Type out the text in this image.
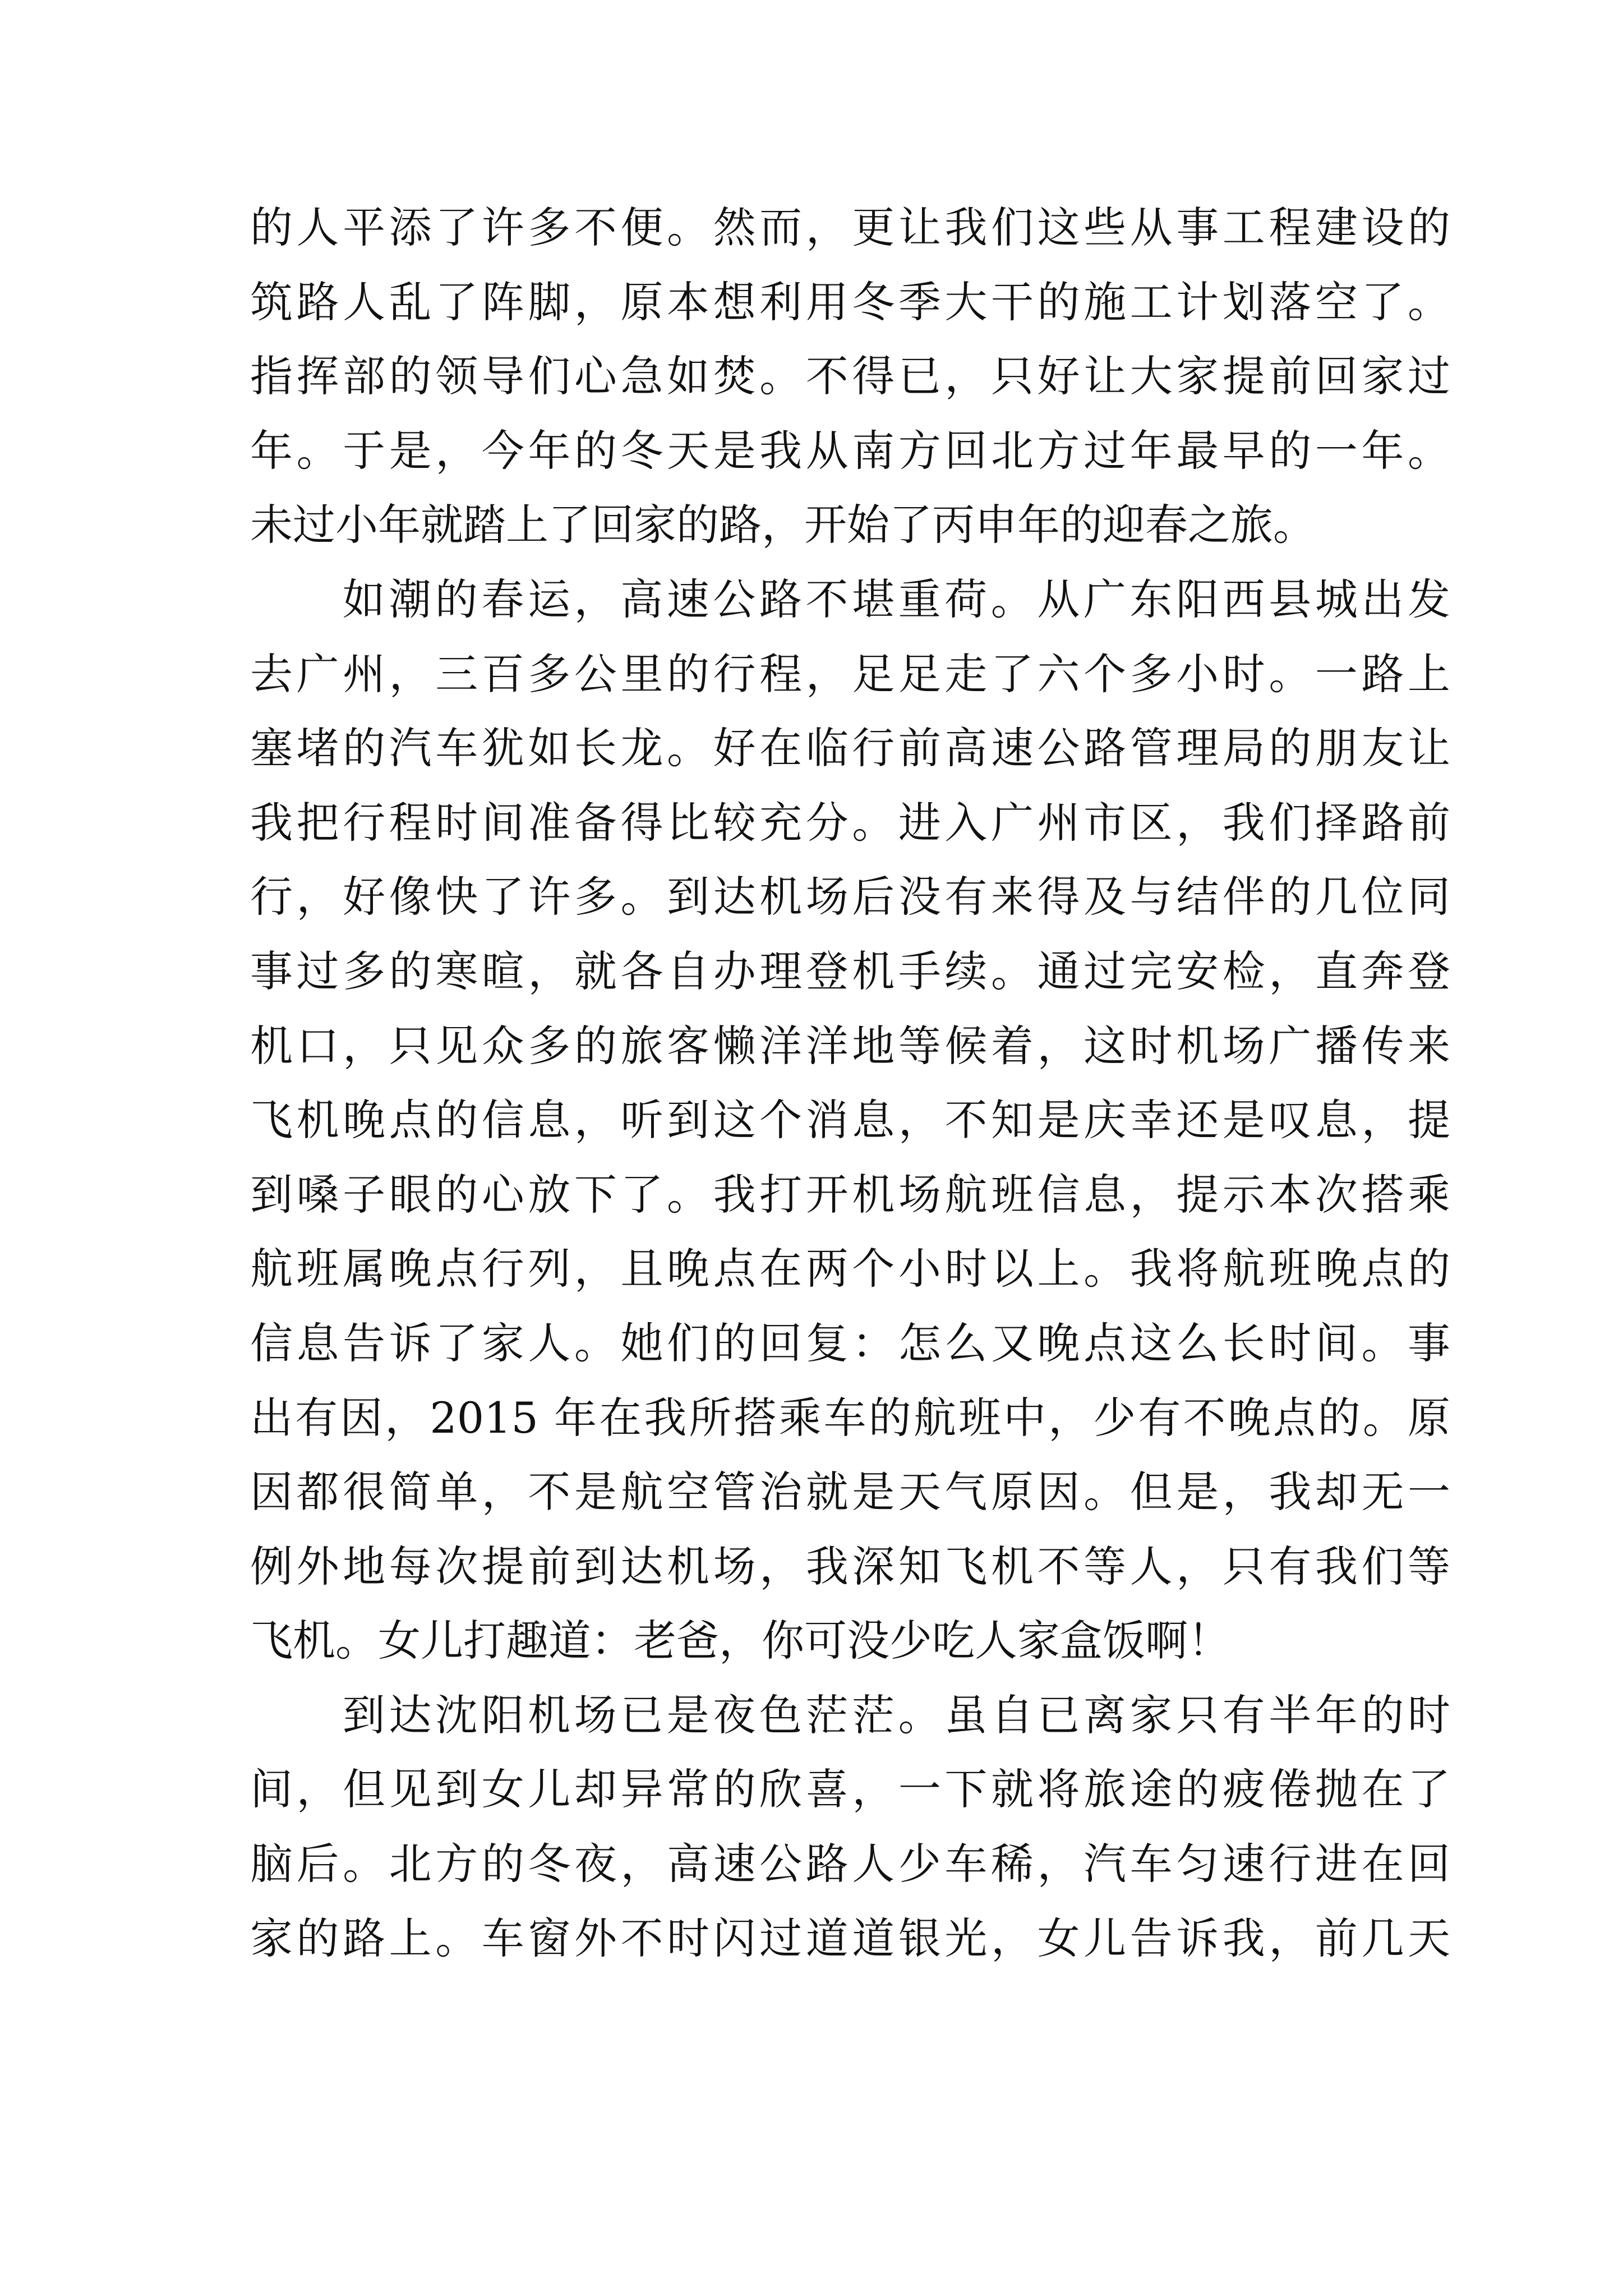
的人平添了许多不便。然而，更让我们这些从事工程建设的
筑路人乱了阵脚，原本想利用冬季大干的施工计划落空了。
指挥部的领导们心急如焚。不得已，只好让大家提前回家过
年。于是，今年的冬天是我从南方回北方过年最早的一年。
未过小年就踏上了回家的路，开始了丙申年的迎春之旅。
如潮的春运，高速公路不堪重荷。从广东阳西县城出发
去广州，三百多公里的行程，足足走了六个多小时。一路上
塞堵的汽车犹如长龙。好在临行前高速公路管理局的朋友让
我把行程时间准备得比较充分。进入广州市区，我们择路前
行，好像快了许多。到达机场后没有来得及与结伴的几位同
事过多的寒暄，就各自办理登机手续。通过完安检，直奔登
机口，只见众多的旅客懒洋洋地等候着，这时机场广播传来
飞机晚点的信息，听到这个消息，不知是庆幸还是叹息，提
到嗓子眼的心放下了。我打开机场航班信息，提示本次搭乘
航班属晚点行列，且晚点在两个小时以上。我将航班晚点的
信息告诉了家人。她们的回复：怎么又晚点这么长时间。事
出有因，2015 年在我所搭乘车的航班中，少有不晚点的。原
因都很简单，不是航空管治就是天气原因。但是，我却无一
例外地每次提前到达机场，我深知飞机不等人，只有我们等
飞机。女儿打趣道：老爸，你可没少吃人家盒饭啊！
到达沈阳机场已是夜色茫茫。虽自已离家只有半年的时
间，但见到女儿却异常的欣喜，一下就将旅途的疲倦抛在了
脑后。北方的冬夜，高速公路人少车稀，汽车匀速行进在回
家的路上。车窗外不时闪过道道银光，女儿告诉我，前几天
